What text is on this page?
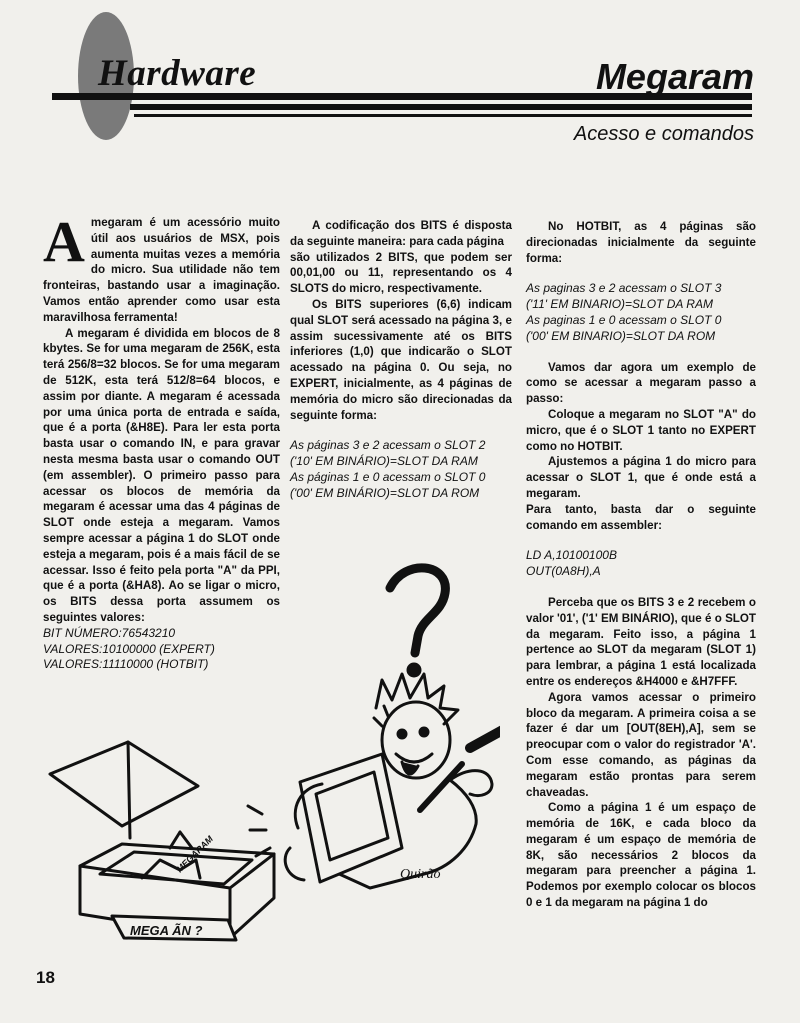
Hardware	Megaram
Acesso e comandos

Amegaram é um acessório muito útil aos usuários de MSX, pois aumenta muitas vezes a memória do micro. Sua utilidade não tem fronteiras, bastando usar a imaginação. Vamos então aprender como usar esta maravilhosa ferramenta!

A megaram é dividida em blocos de 8 kbytes. Se for uma megaram de 256K, esta terá 256/8=32 blocos. Se for uma megaram de 512K, esta terá 512/8=64 blocos, e assim por diante. A megaram é acessada por uma única porta de entrada e saída, que é a porta (&H8E). Para ler esta porta basta usar o comando IN, e para gravar nesta mesma basta usar o comando OUT (em assembler). O primeiro passo para acessar os blocos de memória da megaram é acessar uma das 4 páginas de SLOT onde esteja a megaram. Vamos sempre acessar a página 1 do SLOT onde esteja a megaram, pois é a mais fácil de se acessar. Isso é feito pela porta "A" da PPI, que é a porta (&HA8). Ao se ligar o micro, os BITS dessa porta assumem os seguintes valores:

BIT NÚMERO:76543210
VALORES:10100000 (EXPERT)
VALORES:11110000 (HOTBIT)

A codificação dos BITS é disposta da seguinte maneira: para cada página

são utilizados 2 BITS, que podem ser 00,01,00 ou 11, representando os 4 SLOTS do micro, respectivamente.

Os BITS superiores (6,6) indicam qual SLOT será acessado na página 3, e assim sucessivamente até os BITS inferiores (1,0) que indicarão o SLOT acessado na página 0. Ou seja, no EXPERT, inicialmente, as 4 páginas de memória do micro são direcionadas da seguinte forma:

As páginas 3 e 2 acessam o SLOT 2
('10' EM BINÁRIO)=SLOT DA RAM
As páginas 1 e 0 acessam o SLOT 0
('00' EM BINÁRIO)=SLOT DA ROM

No HOTBIT, as 4 páginas são direcionadas inicialmente da seguinte forma:

As paginas 3 e 2 acessam o SLOT 3
('11' EM BINARIO)=SLOT DA RAM
As paginas 1 e 0 acessam o SLOT 0
('00' EM BINARIO)=SLOT DA ROM

Vamos dar agora um exemplo de como se acessar a megaram passo a passo:

Coloque a megaram no SLOT "A" do micro, que é o SLOT 1 tanto no EXPERT como no HOTBIT.

Ajustemos a página 1 do micro para acessar o SLOT 1, que é onde está a megaram.

Para tanto, basta dar o seguinte comando em assembler:

LD A,10100100B
OUT(0A8H),A

Perceba que os BITS 3 e 2 recebem o valor '01', ('1' EM BINÁRIO), que é o SLOT da megaram. Feito isso, a página 1 pertence ao SLOT da megaram (SLOT 1) para lembrar, a página 1 está localizada entre os endereços &H4000 e &H7FFF.

Agora vamos acessar o primeiro bloco da megaram. A primeira coisa a se fazer é dar um [OUT(8EH),A], sem se preocupar com o valor do registrador 'A'. Com esse comando, as páginas da megaram estão prontas para serem chaveadas.

Como a página 1 é um espaço de memória de 16K, e cada bloco da megaram é um espaço de memória de 8K, são necessários 2 blocos da megaram para preencher a página 1. Podemos por exemplo colocar os blocos 0 e 1 da megaram na página 1 do

MEGA ÃN ?
MEGARAM
Quirão
18
